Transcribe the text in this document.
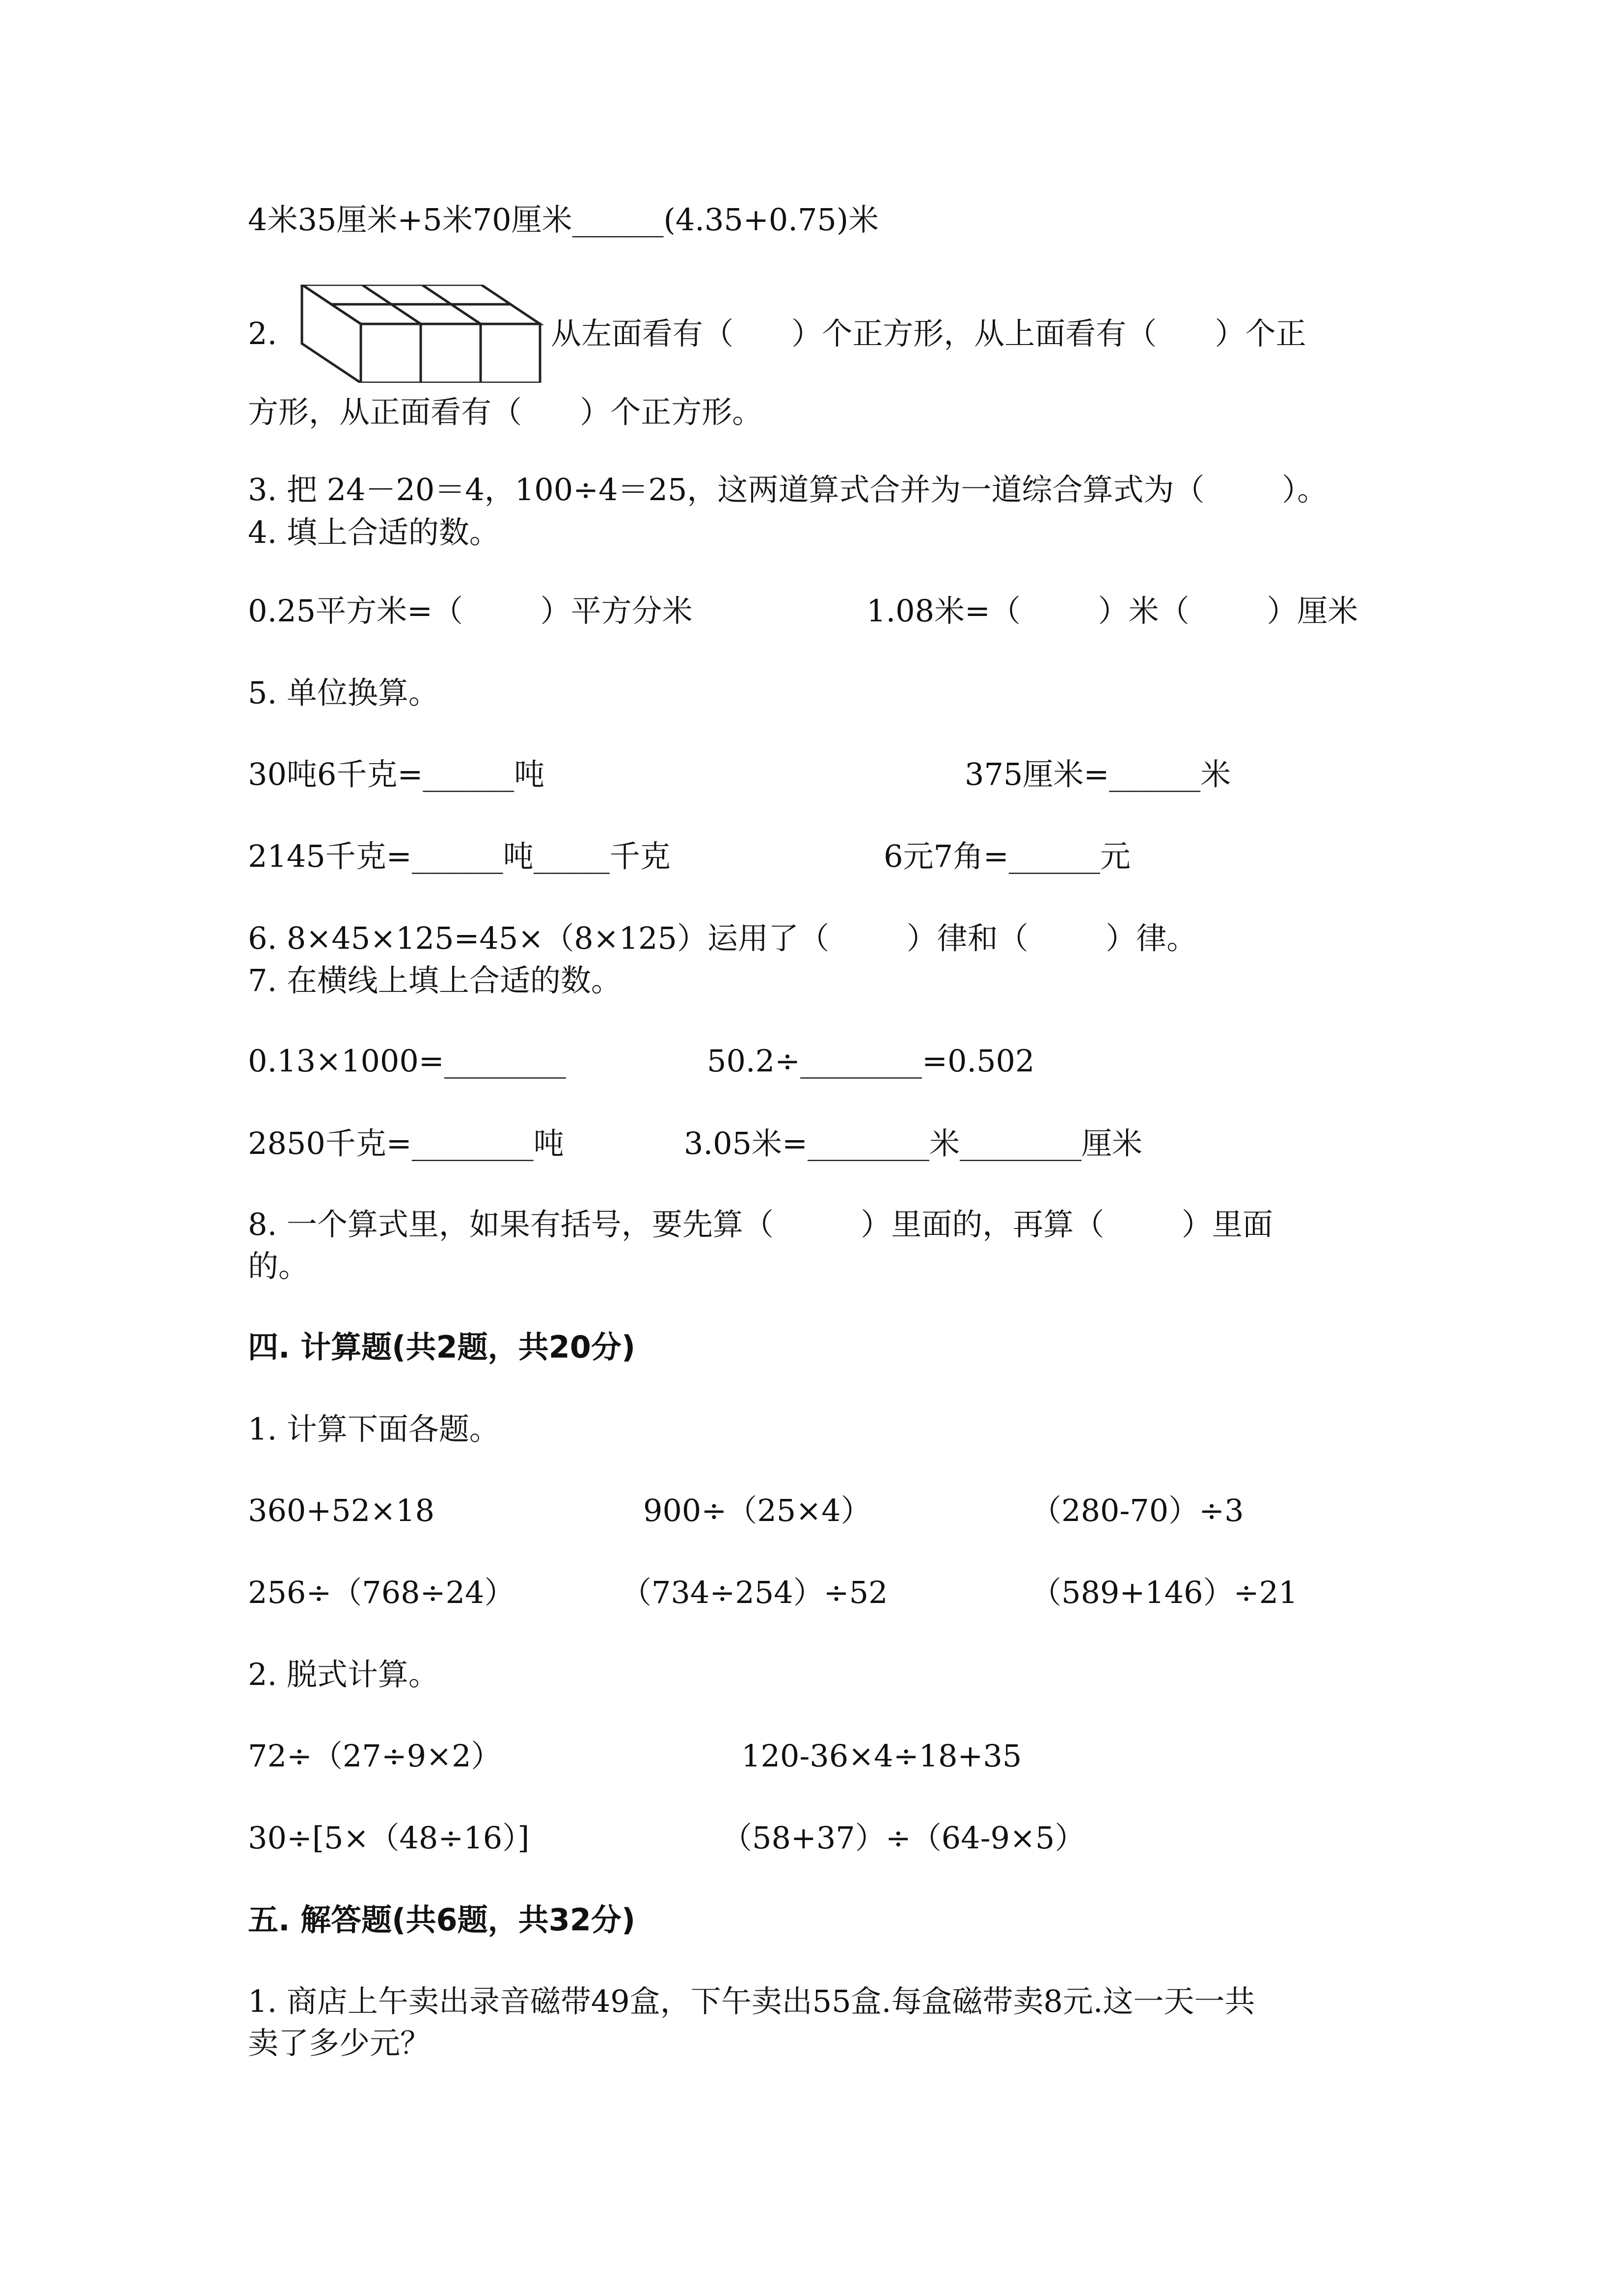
4米35厘米+5米70厘米______(4.35+0.75)米

2.	从左面看有（      ）个正方形，从上面看有（      ）个正

方形，从正面看有（      ）个正方形。

3. 把 24－20＝4，100÷4＝25，这两道算式合并为一道综合算式为（        ）。

4. 填上合适的数。

0.25平方米=（        ）平方分米	1.08米=（        ）米（        ）厘米

5. 单位换算。

30吨6千克=______吨	375厘米=______米
2145千克=______吨_____千克	6元7角=______元

6. 8×45×125=45×（8×125）运用了（        ）律和（        ）律。

7. 在横线上填上合适的数。

0.13×1000=________	50.2÷________=0.502
2850千克=________吨	3.05米=________米________厘米

8. 一个算式里，如果有括号，要先算（         ）里面的，再算（        ）里面

的。

四. 计算题(共2题，共20分)

1. 计算下面各题。

360+52×18	900÷（25×4）	（280-70）÷3
256÷（768÷24）	（734÷254）÷52	（589+146）÷21

2. 脱式计算。

72÷（27÷9×2）	120-36×4÷18+35
30÷[5×（48÷16）]	（58+37）÷（64-9×5）

五. 解答题(共6题，共32分)

1. 商店上午卖出录音磁带49盒，下午卖出55盒.每盒磁带卖8元.这一天一共

卖了多少元？
